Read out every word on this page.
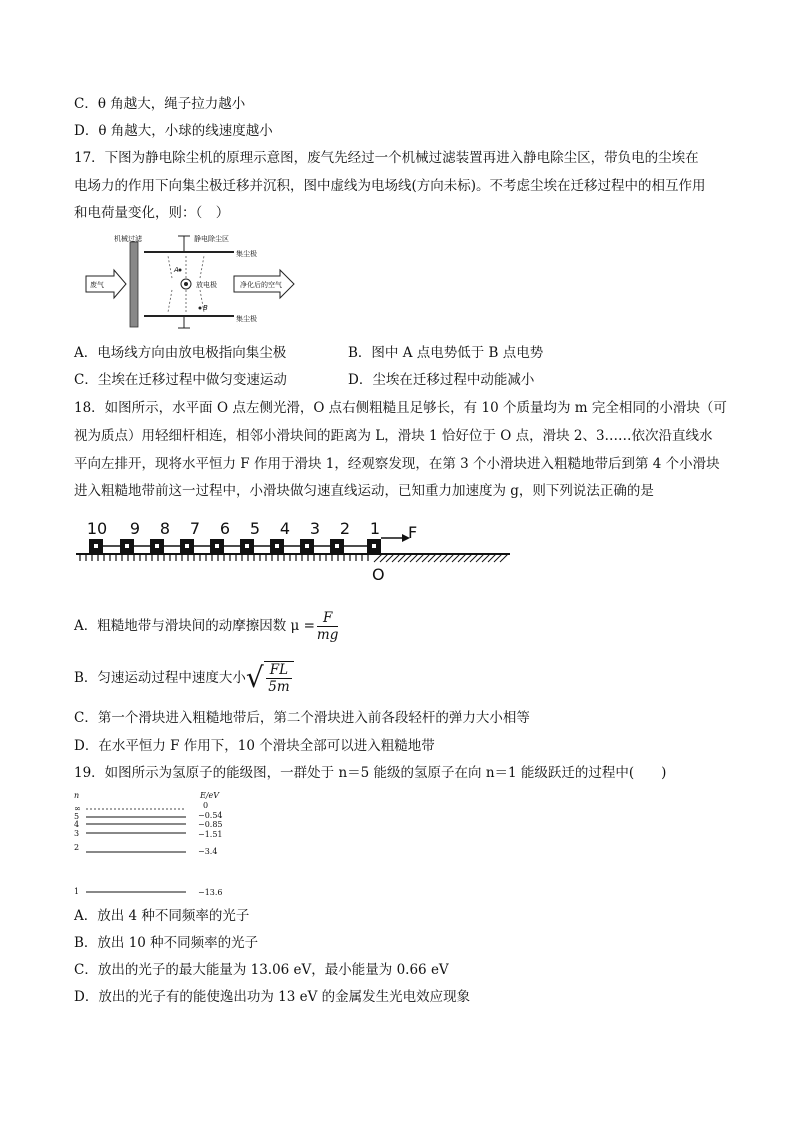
C．θ 角越大，绳子拉力越小
D．θ 角越大，小球的线速度越小
17．下图为静电除尘机的原理示意图，废气先经过一个机械过滤装置再进入静电除尘区，带负电的尘埃在
电场力的作用下向集尘极迁移并沉积，图中虚线为电场线(方向未标)。不考虑尘埃在迁移过程中的相互作用
和电荷量变化，则：（　）
废气
机械过滤	静电除尘区
集尘极
集尘极
放电极	净化后的空气
A
B
A．电场线方向由放电极指向集尘极	B．图中 A 点电势低于 B 点电势
C．尘埃在迁移过程中做匀变速运动	D．尘埃在迁移过程中动能减小
18．如图所示，水平面 O 点左侧光滑，O 点右侧粗糙且足够长，有 10 个质量均为 m 完全相同的小滑块（可
视为质点）用轻细杆相连，相邻小滑块间的距离为 L，滑块 1 恰好位于 O 点，滑块 2、3……依次沿直线水
平向左排开，现将水平恒力 F 作用于滑块 1，经观察发现，在第 3 个小滑块进入粗糙地带后到第 4 个小滑块
进入粗糙地带前这一过程中，小滑块做匀速直线运动，已知重力加速度为 g，则下列说法正确的是
10 9 8 7 6 5 4 3 2 1 F
O
A．粗糙地带与滑块间的动摩擦因数 $\mu = \frac{F}{mg}$
B．匀速运动过程中速度大小 √ $\frac{FL}{5m}$
C．第一个滑块进入粗糙地带后，第二个滑块进入前各段轻杆的弹力大小相等
D．在水平恒力 F 作用下，10 个滑块全部可以进入粗糙地带
19．如图所示为氢原子的能级图，一群处于 n＝5 能级的氢原子在向 n＝1 能级跃迁的过程中(　　)
n	E/eV
∞
5
4
3
2
1
0
−0.54
−0.85
−1.51
−3.4
−13.6
A．放出 4 种不同频率的光子
B．放出 10 种不同频率的光子
C．放出的光子的最大能量为 13.06 eV，最小能量为 0.66 eV
D．放出的光子有的能使逸出功为 13 eV 的金属发生光电效应现象
